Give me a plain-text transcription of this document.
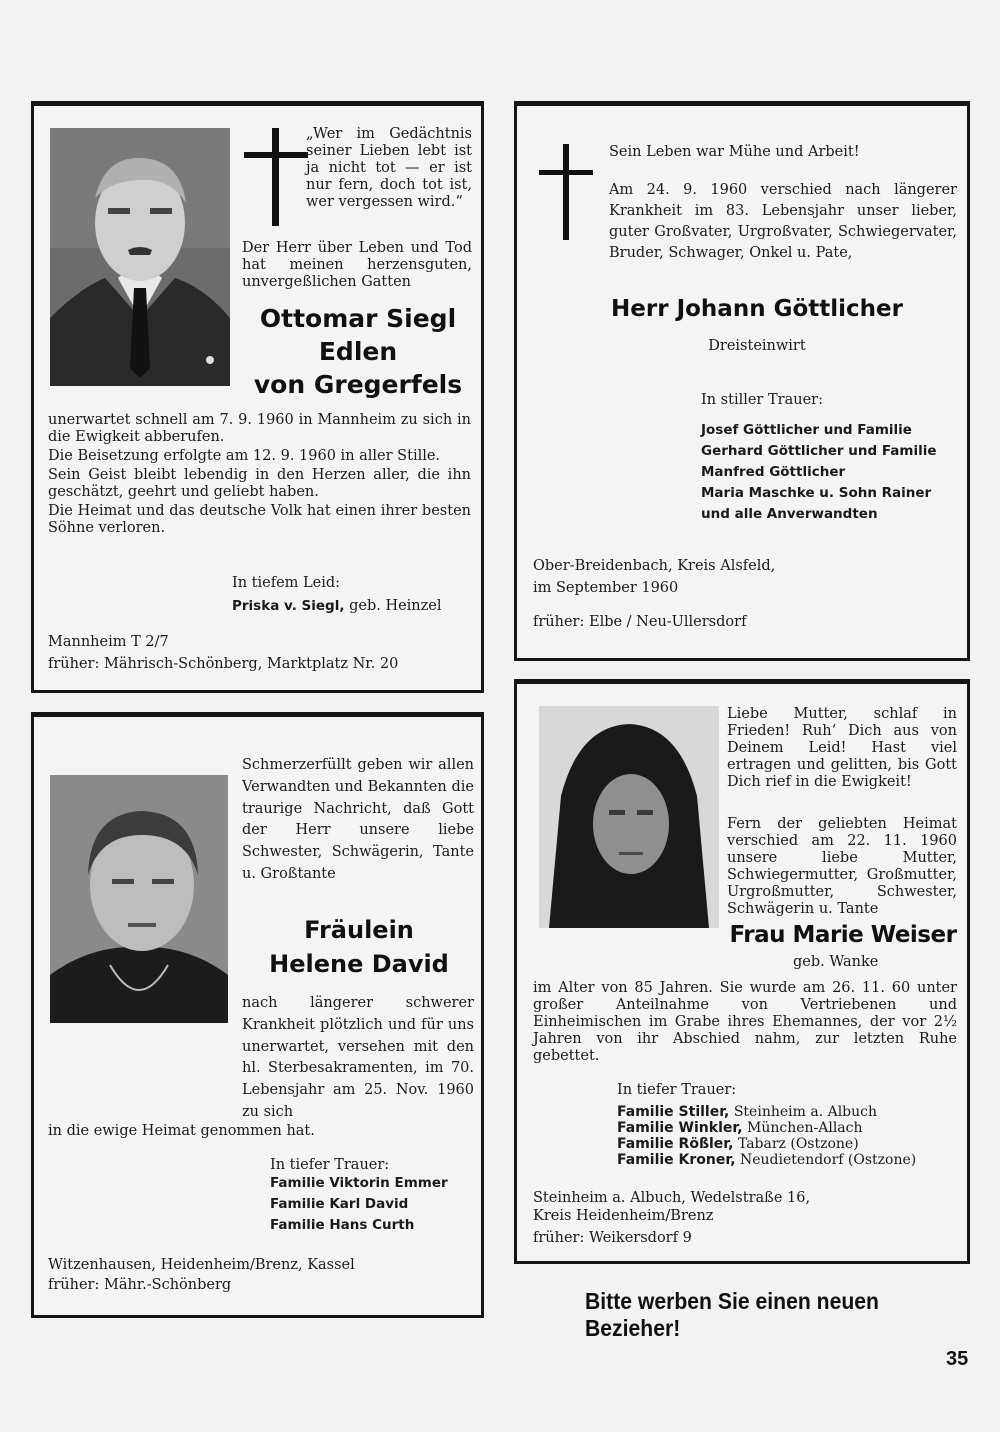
„Wer im Gedächtnis seiner Lieben lebt ist ja nicht tot — er ist nur fern, doch tot ist, wer vergessen wird.“
Der Herr über Leben und Tod hat meinen herzensguten, unvergeßlichen Gatten
Ottomar Siegl
Edlen
von Gregerfels
unerwartet schnell am 7. 9. 1960 in Mannheim zu sich in die Ewigkeit abberufen.
Die Beisetzung erfolgte am 12. 9. 1960 in aller Stille.
Sein Geist bleibt lebendig in den Herzen aller, die ihn geschätzt, geehrt und geliebt haben.
Die Heimat und das deutsche Volk hat einen ihrer besten Söhne verloren.
In tiefem Leid:
Priska v. Siegl, geb. Heinzel
Mannheim T 2/7
früher: Mährisch-Schönberg, Marktplatz Nr. 20
Sein Leben war Mühe und Arbeit!
Am 24. 9. 1960 verschied nach längerer Krankheit im 83. Lebensjahr unser lieber, guter Großvater, Urgroßvater, Schwiegervater, Bruder, Schwager, Onkel u. Pate,
Herr Johann Göttlicher
Dreisteinwirt
In stiller Trauer:
Josef Göttlicher und Familie
Gerhard Göttlicher und Familie
Manfred Göttlicher
Maria Maschke u. Sohn Rainer
und alle Anverwandten
Ober-Breidenbach, Kreis Alsfeld,
im September 1960
früher: Elbe / Neu-Ullersdorf
Schmerzerfüllt geben wir allen Verwandten und Bekannten die traurige Nachricht, daß Gott der Herr unsere liebe Schwester, Schwägerin, Tante u. Großtante
Fräulein
Helene David
nach längerer schwerer Krankheit plötzlich und für uns unerwartet, versehen mit den hl. Sterbesakramenten, im 70. Lebensjahr am 25. Nov. 1960 zu sich
in die ewige Heimat genommen hat.
In tiefer Trauer:
Familie Viktorin Emmer
Familie Karl David
Familie Hans Curth
Witzenhausen, Heidenheim/Brenz, Kassel
früher: Mähr.-Schönberg
Liebe Mutter, schlaf in Frieden! Ruh‘ Dich aus von Deinem Leid! Hast viel ertragen und gelitten, bis Gott Dich rief in die Ewigkeit!
Fern der geliebten Heimat verschied am 22. 11. 1960 unsere liebe Mutter, Schwiegermutter, Großmutter, Urgroßmutter, Schwester, Schwägerin u. Tante
Frau Marie Weiser
geb. Wanke
im Alter von 85 Jahren. Sie wurde am 26. 11. 60 unter großer Anteilnahme von Vertriebenen und Einheimischen im Grabe ihres Ehemannes, der vor 2½ Jahren von ihr Abschied nahm, zur letzten Ruhe gebettet.
In tiefer Trauer:
Familie Stiller, Steinheim a. Albuch
Familie Winkler, München-Allach
Familie Rößler, Tabarz (Ostzone)
Familie Kroner, Neudietendorf (Ostzone)
Steinheim a. Albuch, Wedelstraße 16,
Kreis Heidenheim/Brenz
früher: Weikersdorf 9
Bitte werben Sie einen neuen Bezieher!
35
